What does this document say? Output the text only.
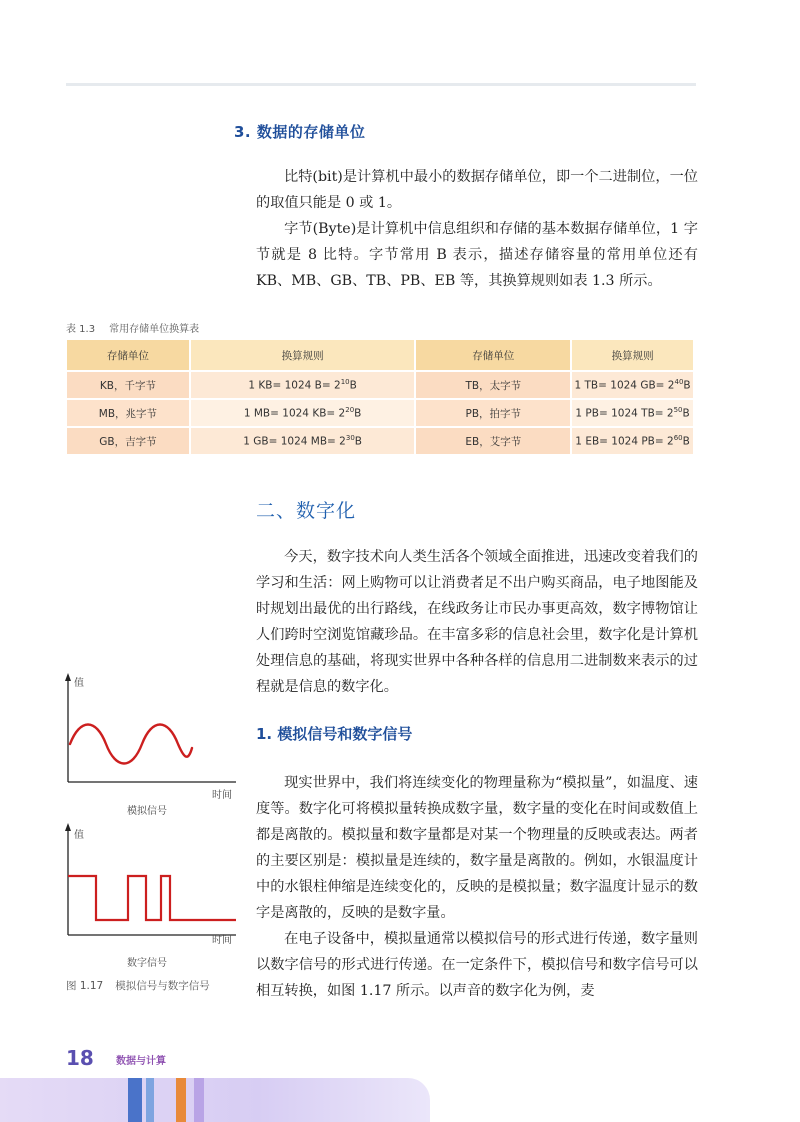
3. 数据的存储单位
比特(bit)是计算机中最小的数据存储单位，即一个二进制位，一位的取值只能是 0 或 1。
字节(Byte)是计算机中信息组织和存储的基本数据存储单位，1 字节就是 8 比特。字节常用 B 表示，描述存储容量的常用单位还有 KB、MB、GB、TB、PB、EB 等，其换算规则如表 1.3 所示。
表 1.3 常用存储单位换算表
存储单位	换算规则	存储单位	换算规则
KB，千字节	1 KB= 1024 $B= 2^{10}B$	TB，太字节	1 TB= 1024 $GB= 2^{40}B$
MB，兆字节	1 MB= 1024 $KB= 2^{20}B$	PB，拍字节	1 PB= 1024 $TB= 2^{50}B$
GB，吉字节	1 GB= 1024 $MB= 2^{30}B$	EB，艾字节	1 EB= 1024 $PB= 2^{60}B$
二、数字化
今天，数字技术向人类生活各个领域全面推进，迅速改变着我们的学习和生活：网上购物可以让消费者足不出户购买商品，电子地图能及时规划出最优的出行路线，在线政务让市民办事更高效，数字博物馆让人们跨时空浏览馆藏珍品。在丰富多彩的信息社会里，数字化是计算机处理信息的基础，将现实世界中各种各样的信息用二进制数来表示的过程就是信息的数字化。
1. 模拟信号和数字信号
现实世界中，我们将连续变化的物理量称为“模拟量”，如温度、速度等。数字化可将模拟量转换成数字量，数字量的变化在时间或数值上都是离散的。模拟量和数字量都是对某一个物理量的反映或表达。两者的主要区别是：模拟量是连续的，数字量是离散的。例如，水银温度计中的水银柱伸缩是连续变化的，反映的是模拟量；数字温度计显示的数字是离散的，反映的是数字量。
在电子设备中，模拟量通常以模拟信号的形式进行传递，数字量则以数字信号的形式进行传递。在一定条件下，模拟信号和数字信号可以相互转换，如图 1.17 所示。以声音的数字化为例，麦
值
时间
模拟信号
值
时间
数字信号
图 1.17 模拟信号与数字信号
18 数据与计算
